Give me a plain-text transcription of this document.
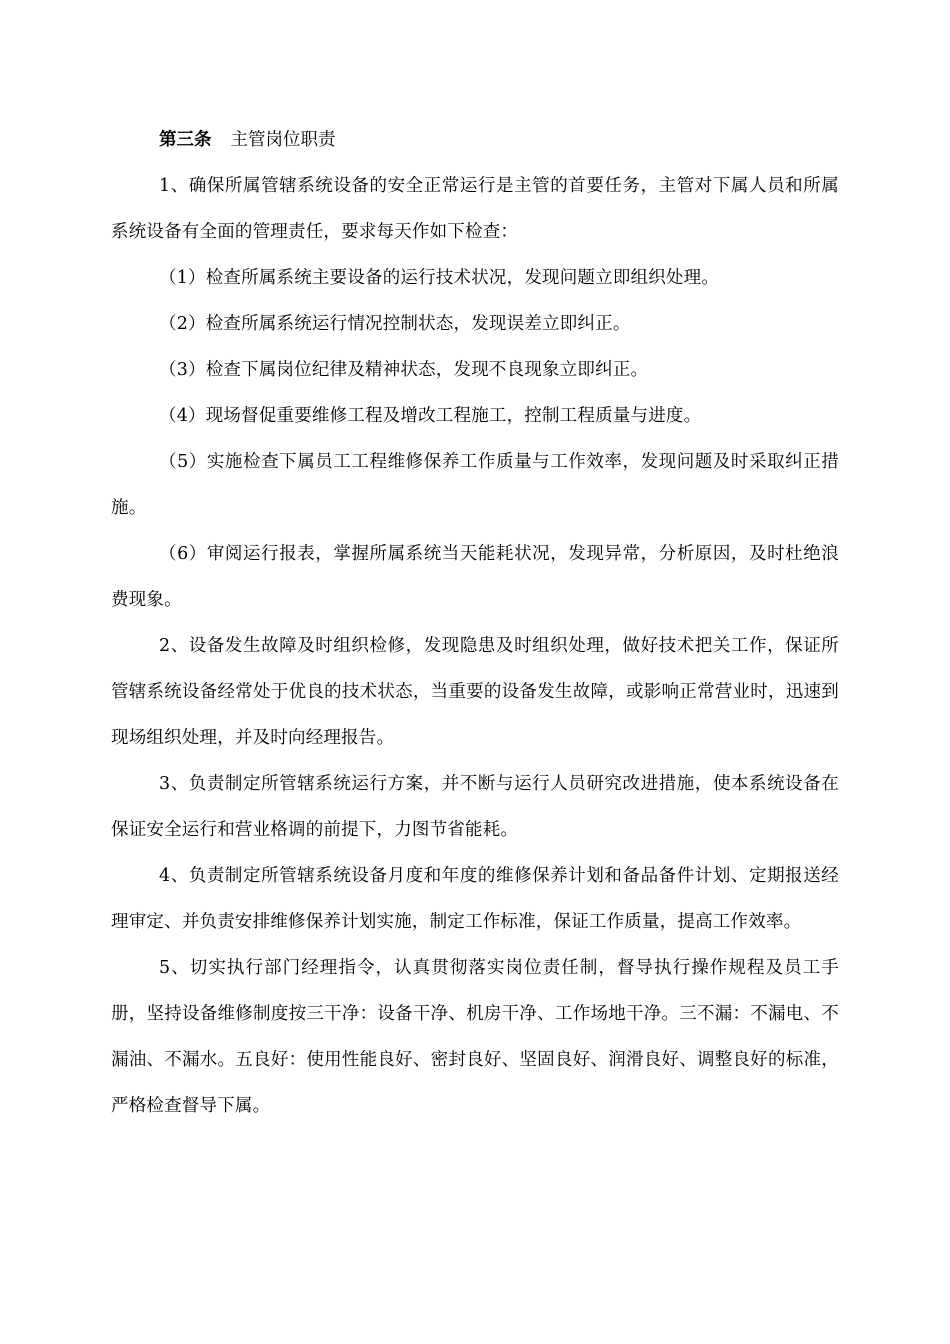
第三条 主管岗位职责

1、确保所属管辖系统设备的安全正常运行是主管的首要任务，主管对下属人员和所属系统设备有全面的管理责任，要求每天作如下检查：

（1）检查所属系统主要设备的运行技术状况，发现问题立即组织处理。

（2）检查所属系统运行情况控制状态，发现误差立即纠正。

（3）检查下属岗位纪律及精神状态，发现不良现象立即纠正。

（4）现场督促重要维修工程及增改工程施工，控制工程质量与进度。

（5）实施检查下属员工工程维修保养工作质量与工作效率，发现问题及时采取纠正措施。

（6）审阅运行报表，掌握所属系统当天能耗状况，发现异常，分析原因，及时杜绝浪费现象。

2、设备发生故障及时组织检修，发现隐患及时组织处理，做好技术把关工作，保证所管辖系统设备经常处于优良的技术状态，当重要的设备发生故障，或影响正常营业时，迅速到现场组织处理，并及时向经理报告。

3、负责制定所管辖系统运行方案，并不断与运行人员研究改进措施，使本系统设备在保证安全运行和营业格调的前提下，力图节省能耗。

4、负责制定所管辖系统设备月度和年度的维修保养计划和备品备件计划、定期报送经理审定、并负责安排维修保养计划实施，制定工作标准，保证工作质量，提高工作效率。

5、切实执行部门经理指令，认真贯彻落实岗位责任制，督导执行操作规程及员工手册，坚持设备维修制度按三干净：设备干净、机房干净、工作场地干净。三不漏：不漏电、不漏油、不漏水。五良好：使用性能良好、密封良好、坚固良好、润滑良好、调整良好的标准，严格检查督导下属。
